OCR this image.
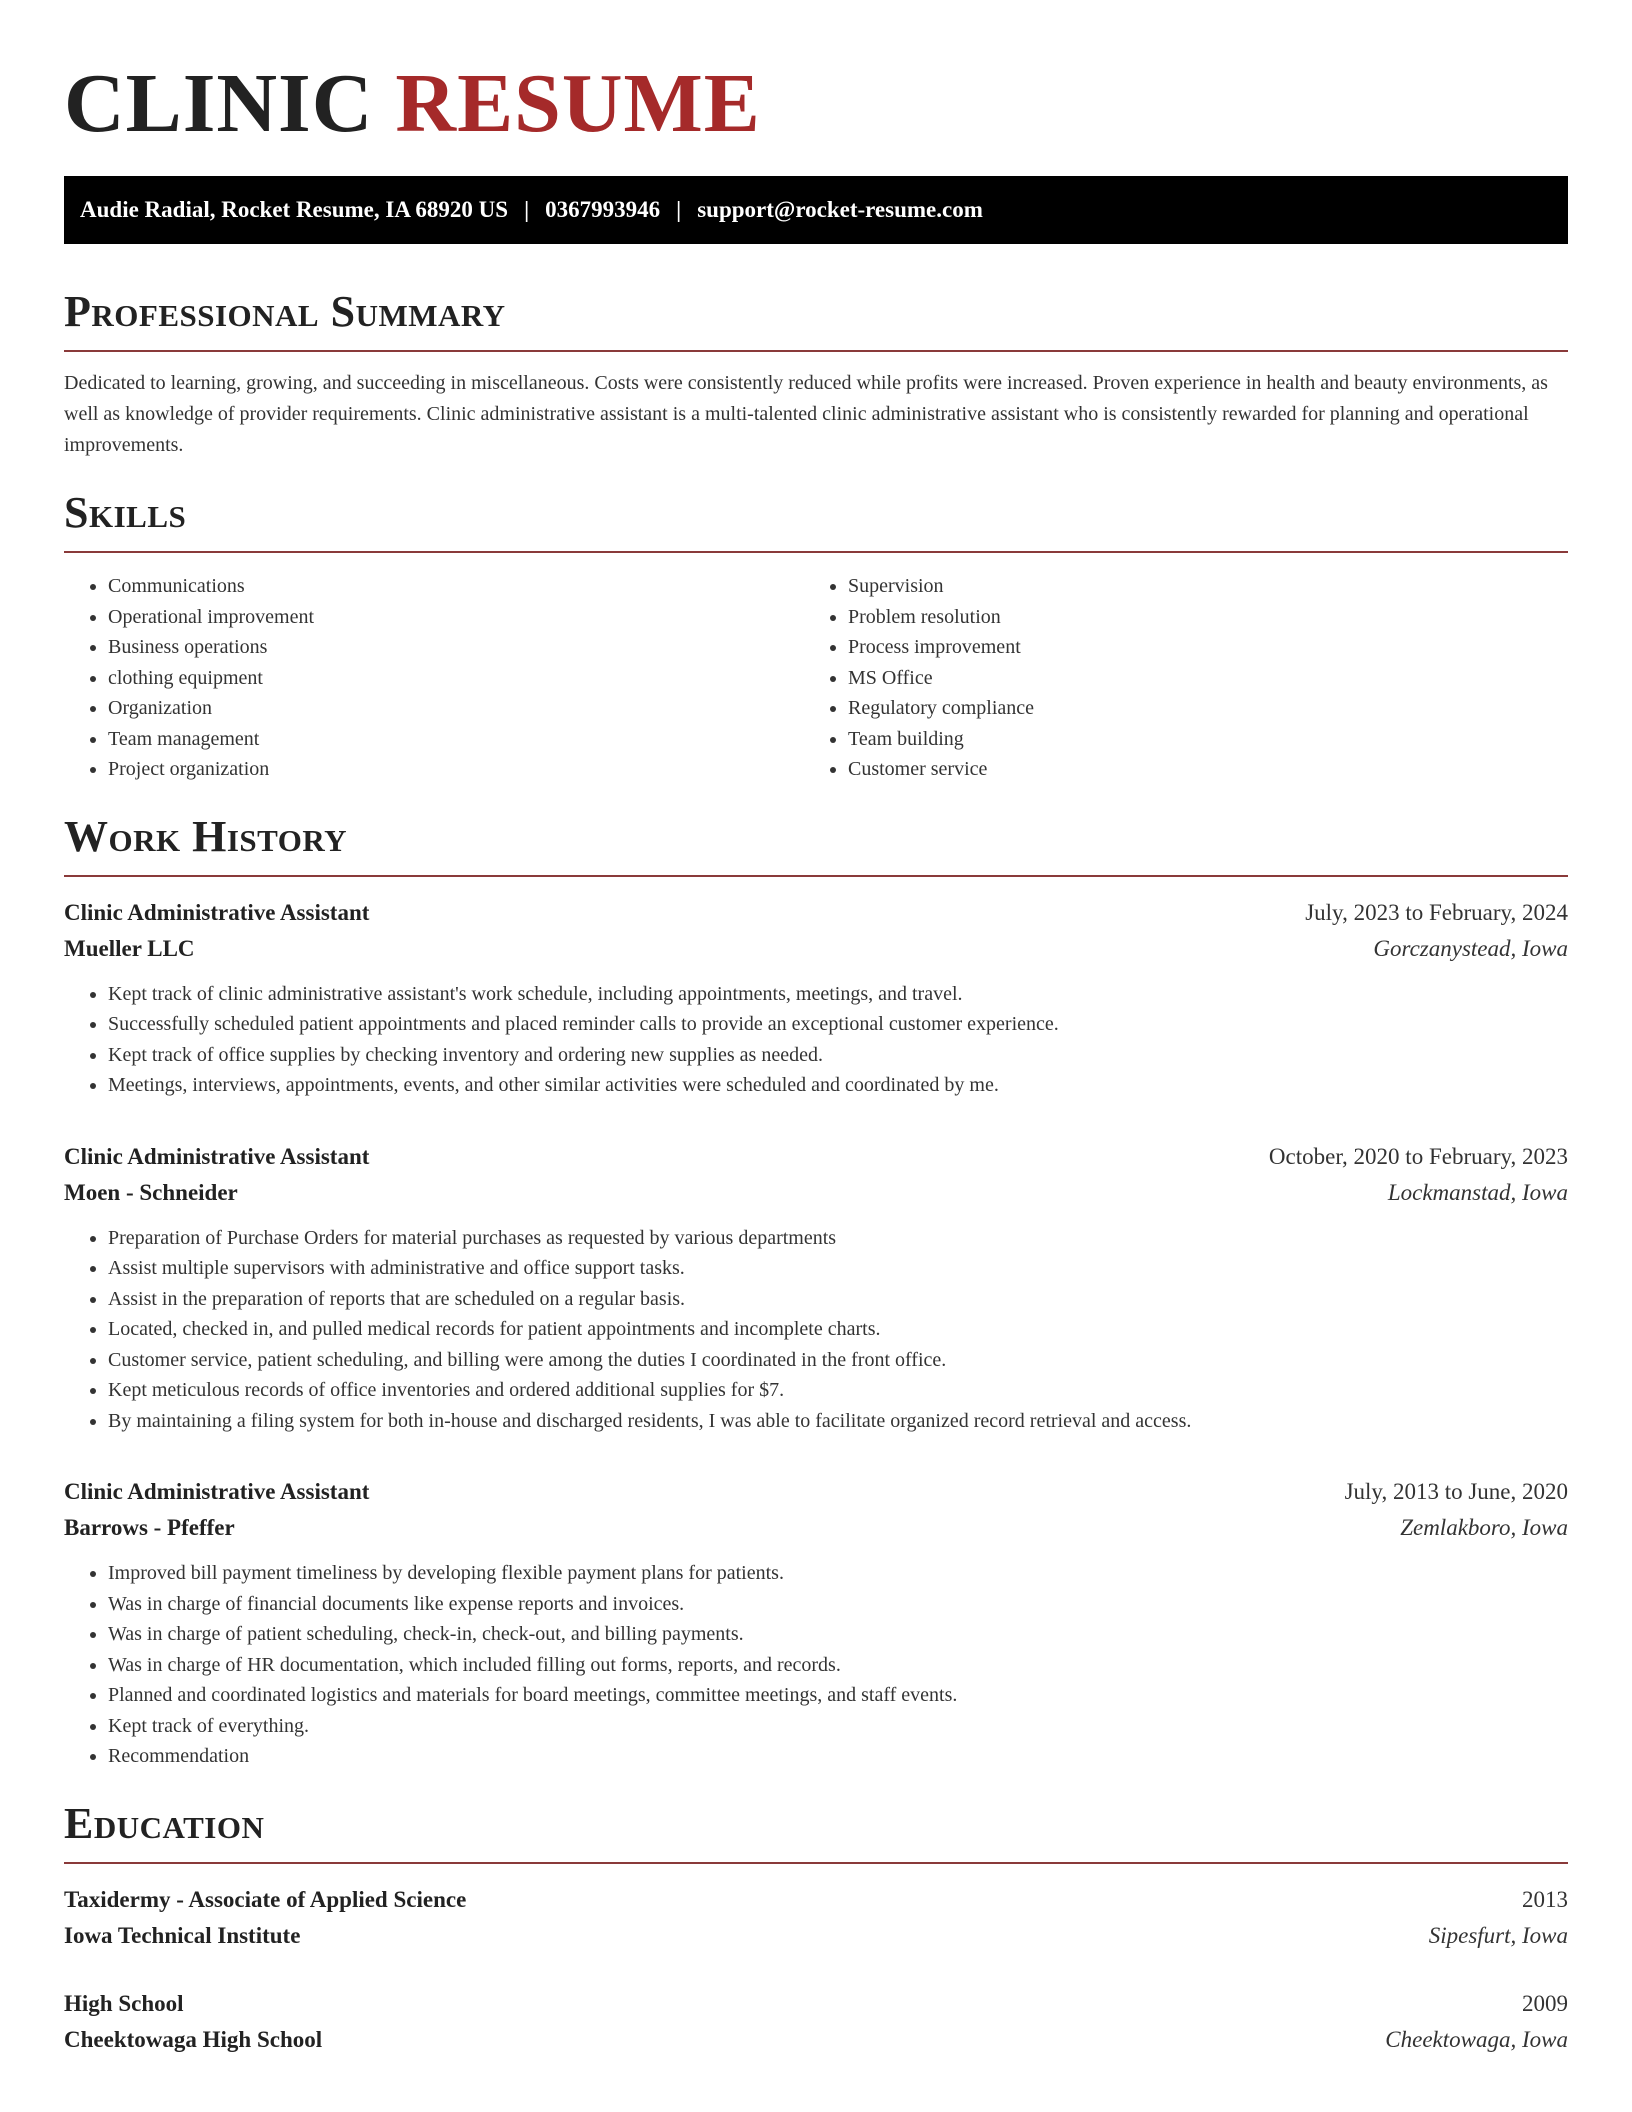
CLINIC RESUME
Audie Radial, Rocket Resume, IA 68920 US | 0367993946 | support@rocket-resume.com
Professional Summary

Dedicated to learning, growing, and succeeding in miscellaneous. Costs were consistently reduced while profits were increased. Proven experience in health and beauty environments, as well as knowledge of provider requirements. Clinic administrative assistant is a multi-talented clinic administrative assistant who is consistently rewarded for planning and operational improvements.

Skills
• Communications
• Operational improvement
• Business operations
• clothing equipment
• Organization
• Team management
• Project organization
• Supervision
• Problem resolution
• Process improvement
• MS Office
• Regulatory compliance
• Team building
• Customer service
Work History
Clinic Administrative Assistant	July, 2023 to February, 2024
Mueller LLC	Gorczanystead, Iowa
• Kept track of clinic administrative assistant's work schedule, including appointments, meetings, and travel.
• Successfully scheduled patient appointments and placed reminder calls to provide an exceptional customer experience.
• Kept track of office supplies by checking inventory and ordering new supplies as needed.
• Meetings, interviews, appointments, events, and other similar activities were scheduled and coordinated by me.
Clinic Administrative Assistant	October, 2020 to February, 2023
Moen - Schneider	Lockmanstad, Iowa
• Preparation of Purchase Orders for material purchases as requested by various departments
• Assist multiple supervisors with administrative and office support tasks.
• Assist in the preparation of reports that are scheduled on a regular basis.
• Located, checked in, and pulled medical records for patient appointments and incomplete charts.
• Customer service, patient scheduling, and billing were among the duties I coordinated in the front office.
• Kept meticulous records of office inventories and ordered additional supplies for $7.
• By maintaining a filing system for both in-house and discharged residents, I was able to facilitate organized record retrieval and access.
Clinic Administrative Assistant	July, 2013 to June, 2020
Barrows - Pfeffer	Zemlakboro, Iowa
• Improved bill payment timeliness by developing flexible payment plans for patients.
• Was in charge of financial documents like expense reports and invoices.
• Was in charge of patient scheduling, check-in, check-out, and billing payments.
• Was in charge of HR documentation, which included filling out forms, reports, and records.
• Planned and coordinated logistics and materials for board meetings, committee meetings, and staff events.
• Kept track of everything.
• Recommendation
Education
Taxidermy - Associate of Applied Science	2013
Iowa Technical Institute	Sipesfurt, Iowa
High School	2009
Cheektowaga High School	Cheektowaga, Iowa
